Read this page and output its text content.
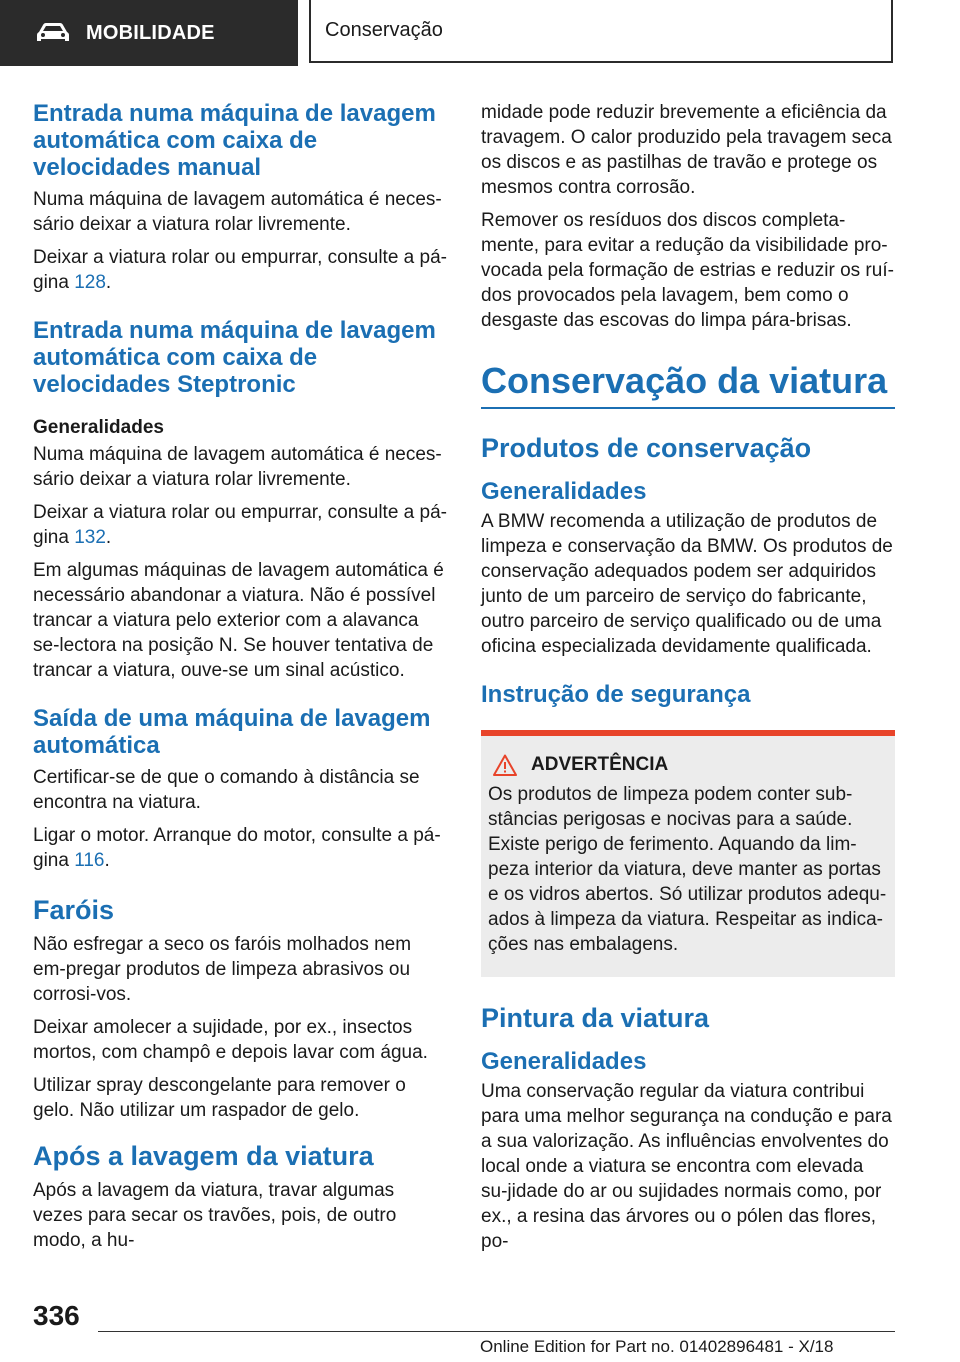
MOBILIDADE	Conservação
Entrada numa máquina de lavagem automática com caixa de velocidades manual

Numa máquina de lavagem automática é neces‐sário deixar a viatura rolar livremente.

Deixar a viatura rolar ou empurrar, consulte a pá‐gina 128.

Entrada numa máquina de lavagem automática com caixa de velocidades Steptronic
Generalidades

Numa máquina de lavagem automática é neces‐sário deixar a viatura rolar livremente.

Deixar a viatura rolar ou empurrar, consulte a pá‐gina 132.

Em algumas máquinas de lavagem automática é necessário abandonar a viatura. Não é possível trancar a viatura pelo exterior com a alavanca se‐lectora na posição N. Se houver tentativa de trancar a viatura, ouve-se um sinal acústico.

Saída de uma máquina de lavagem automática

Certificar-se de que o comando à distância se encontra na viatura.

Ligar o motor. Arranque do motor, consulte a pá‐gina 116.

Faróis

Não esfregar a seco os faróis molhados nem em‐pregar produtos de limpeza abrasivos ou corrosi‐vos.

Deixar amolecer a sujidade, por ex., insectos mortos, com champô e depois lavar com água.

Utilizar spray descongelante para remover o gelo. Não utilizar um raspador de gelo.

Após a lavagem da viatura

Após a lavagem da viatura, travar algumas vezes para secar os travões, pois, de outro modo, a hu‐

midade pode reduzir brevemente a eficiência da travagem. O calor produzido pela travagem seca os discos e as pastilhas de travão e protege os mesmos contra corrosão.

Remover os resíduos dos discos completa‐mente, para evitar a redução da visibilidade pro‐vocada pela formação de estrias e reduzir os ruí‐dos provocados pela lavagem, bem como o desgaste das escovas do limpa pára-brisas.

Conservação da viatura
Produtos de conservação
Generalidades

A BMW recomenda a utilização de produtos de limpeza e conservação da BMW. Os produtos de conservação adequados podem ser adquiridos junto de um parceiro de serviço do fabricante, outro parceiro de serviço qualificado ou de uma oficina especializada devidamente qualificada.

Instrução de segurança
ADVERTÊNCIA

Os produtos de limpeza podem conter sub‐stâncias perigosas e nocivas para a saúde. Existe perigo de ferimento. Aquando da lim‐peza interior da viatura, deve manter as portas e os vidros abertos. Só utilizar produtos adequ‐ados à limpeza da viatura. Respeitar as indica‐ções nas embalagens.

Pintura da viatura
Generalidades

Uma conservação regular da viatura contribui para uma melhor segurança na condução e para a sua valorização. As influências envolventes do local onde a viatura se encontra com elevada su‐jidade do ar ou sujidades normais como, por ex., a resina das árvores ou o pólen das flores, po‐

336
Online Edition for Part no. 01402896481 - X/18
